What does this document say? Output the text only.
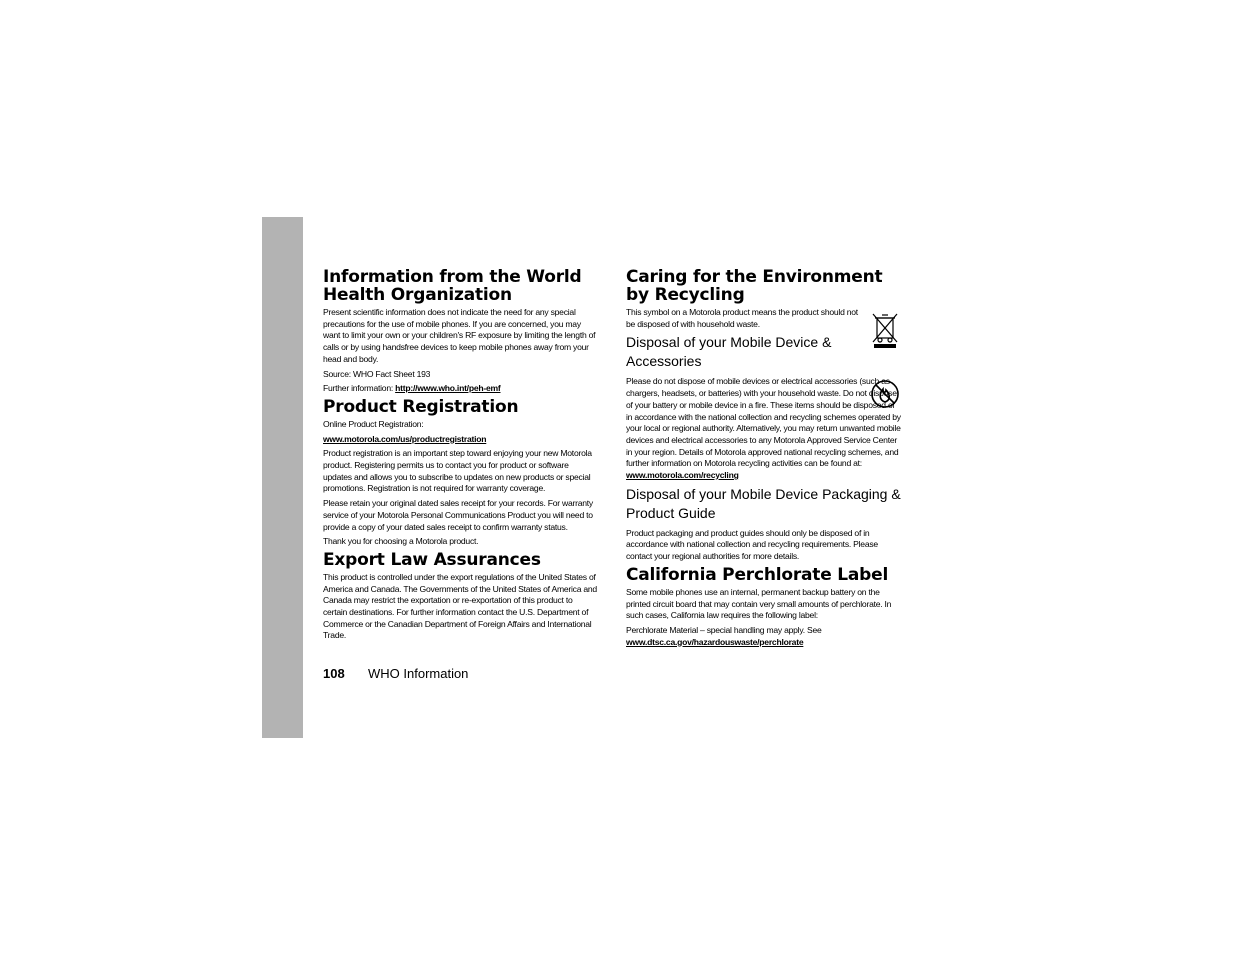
Information from the World Health Organization

Present scientific information does not indicate the need for any special precautions for the use of mobile phones. If you are concerned, you may want to limit your own or your children's RF exposure by limiting the length of calls or by using handsfree devices to keep mobile phones away from your head and body.

Source: WHO Fact Sheet 193

Further information: http://www.who.int/peh-emf

Product Registration

Online Product Registration:

www.motorola.com/us/productregistration

Product registration is an important step toward enjoying your new Motorola product. Registering permits us to contact you for product or software updates and allows you to subscribe to updates on new products or special promotions. Registration is not required for warranty coverage.

Please retain your original dated sales receipt for your records. For warranty service of your Motorola Personal Communications Product you will need to provide a copy of your dated sales receipt to confirm warranty status.

Thank you for choosing a Motorola product.

Export Law Assurances

This product is controlled under the export regulations of the United States of America and Canada. The Governments of the United States of America and Canada may restrict the exportation or re-exportation of this product to certain destinations. For further information contact the U.S. Department of Commerce or the Canadian Department of Foreign Affairs and International Trade.

Caring for the Environment by Recycling

This symbol on a Motorola product means the product should not be disposed of with household waste.

Disposal of your Mobile Device & Accessories

Please do not dispose of mobile devices or electrical accessories (such as chargers, headsets, or batteries) with your household waste. Do not dispose of your battery or mobile device in a fire. These items should be disposed of in accordance with the national collection and recycling schemes operated by your local or regional authority. Alternatively, you may return unwanted mobile devices and electrical accessories to any Motorola Approved Service Center in your region. Details of Motorola approved national recycling schemes, and further information on Motorola recycling activities can be found at: www.motorola.com/recycling

Disposal of your Mobile Device Packaging & Product Guide

Product packaging and product guides should only be disposed of in accordance with national collection and recycling requirements. Please contact your regional authorities for more details.

California Perchlorate Label

Some mobile phones use an internal, permanent backup battery on the printed circuit board that may contain very small amounts of perchlorate. In such cases, California law requires the following label:

Perchlorate Material – special handling may apply. See
www.dtsc.ca.gov/hazardouswaste/perchlorate

108 WHO Information
